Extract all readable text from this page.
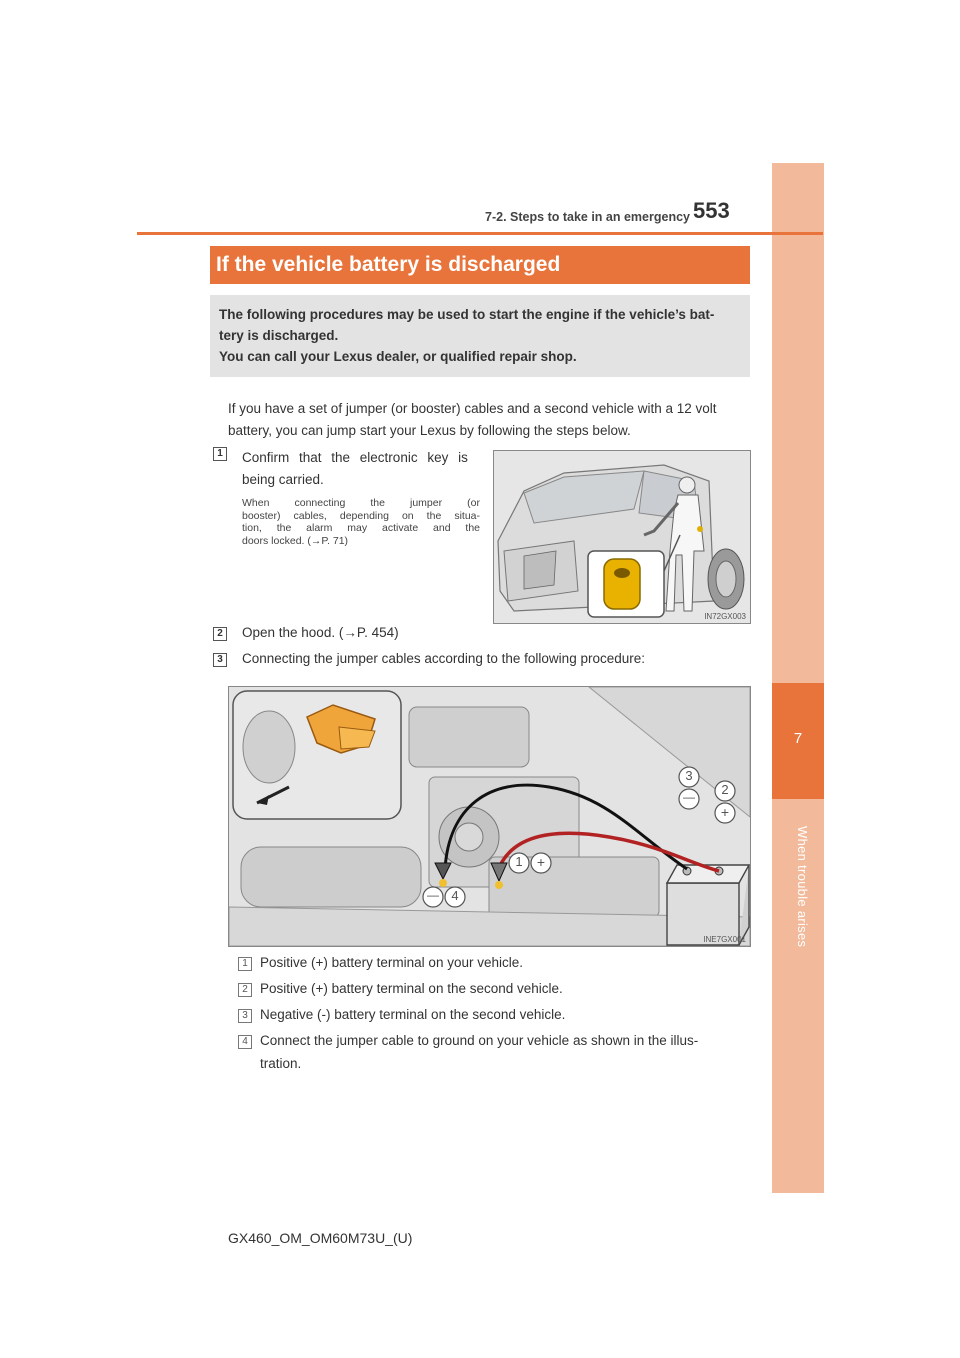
7
When trouble arises
7-2. Steps to take in an emergency 553
If the vehicle battery is discharged
The following procedures may be used to start the engine if the vehicle’s bat-
tery is discharged.
You can call your Lexus dealer, or qualified repair shop.
If you have a set of jumper (or booster) cables and a second vehicle with a 12 volt
battery, you can jump start your Lexus by following the steps below.
1	Confirm that the electronic key is
being carried.
When connecting the jumper (or
booster) cables, depending on the situa-
tion, the alarm may activate and the
doors locked. (→P. 71)
IN72GX003
2	Open the hood. (→P. 454)
3	Connecting the jumper cables according to the following procedure:
1	+
— 4
3
—	2
+
INE7GX001
1 Positive (+) battery terminal on your vehicle.
2 Positive (+) battery terminal on the second vehicle.
3 Negative (-) battery terminal on the second vehicle.
4 Connect the jumper cable to ground on your vehicle as shown in the illus-
tration.
GX460_OM_OM60M73U_(U)
